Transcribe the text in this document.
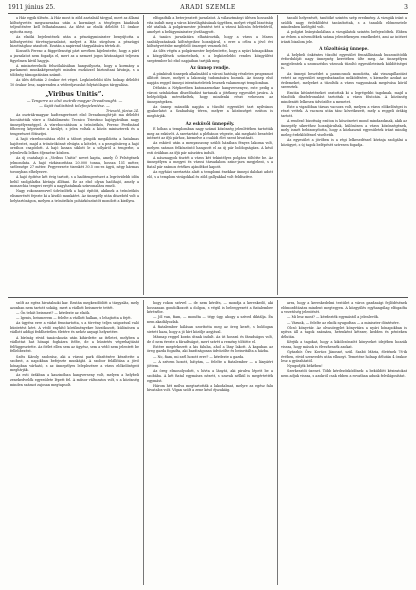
1911 június 25.	ARADI SZEMLE	3

a Ház egyik ülésén. A Ház most is zöld asztalnál tárgyal, mert az állami költségvetés megszavazása után a kormányt a tényleges kiadások teljesítésére kell felhatalmazni. Az ülést az elnök délelőtt 11 órakor nyitotta meg.

Az elnöki bejelentések után a pénzügyminiszter benyújtotta a költségvetési törvényjavaslatot, melyet a Ház sürgősen a pénzügyi bizottsághoz utasított. Ezután a napirend tárgyalására tértek át.

Kossuth Ferenc a függetlenségi párt nevében kijelentette, hogy a párt a javaslatot nem fogadja el, mert az a nemzet jogos kívánságait teljesen figyelmen kívül hagyja.

A miniszterelnök felszólalásában hangsúlyozta, hogy a kormány a parlament munkaképességét minden eszközzel biztosítani kívánja, s a többség támogatására számít.

Az ülés délután 2 órakor ért véget. Legközelebbi ülés holnap délelőtt 10 órakor lesz, napirenden a véderőjavaslat folytatólagos tárgyalása.

„Viribus Unitis”.
— Tengerre az első osztrák-magyar Dreadnought. —
— Saját tudósítónk telefonjelentése. —
Triesztő, június 24.

Az osztrák-magyar hadtengerészet első Dreadnought-ját ma délelőtt bocsátották vízre a Stabilimento Tecnico Triestino hajógyárában nagy ünnepélyességgel. A vízrebocsátáson a trónörökös, Ferenc Ferdinánd főherceg képviselte a királyt, s jelen voltak a közös miniszterek és a tengerészet főtisztjei.

A hajó vízrebocsátása előtt a tábori püspök megáldotta a hatalmas hajótestet, majd a trónörökösné elvágta a kötelet, s a pezsgősüveg a hajó orrához csapódott. A hajó lassan siklott le a sólyáról a tengerbe, a jelenlevők lelkes éljenzése közben.

Az új csatahajó a „Viribus Unitis” nevet kapta, amely Ő Felségének jelmondata. A hajó vízkiszorítása 20.000 tonna, hossza 151 méter, szélessége 27 méter. Fegyverzete tizenkét 30.5 cm-es ágyú, négy hármas toronyban elhelyezve.

A hajó építése két évig tartott, s a haditengerészet a legrövidebb időn belül szolgálatba kívánja állítani. Ez az első olyan hadihajó, amely a monarchia tengeri erejét a nagyhatalmak színvonalára emeli.

Nagy rokonszenvvel üdvözölték a hajó építőit, akiknek a trónörökös elismerését fejezte ki a kiváló munkáért. Az ünnepély után díszebéd volt a helytartóságon, melyen a trónörökös pohárköszöntőt mondott a királyra.

elfogadták a beterjesztett javaslatot. A választmányi ülésen hosszabb vita indult meg a város közvilágításának ügyében, melyet végül bizottság elé utaltak. A polgármester jelentést tett a városi kölcsön felvételéről, amelyet a belügyminiszter jóváhagyott.

A tanács javaslatára elhatározták, hogy a város a Maros szabályozásának költségeihez hozzájárul, s erre a célra a jövő évi költségvetésbe megfelelő összeget vesznek fel.

Az ülés végén a polgármester bejelentette, hogy a nyári hónapokban a közgyűlések szünetelnek, s a legközelebbi rendes közgyűlést szeptember hó első napjaiban tartják meg.

Az ünnep rendje.

A pünkösdi ünnepek alkalmából a városi hatóság részletes programot állított össze, melyet a lakosság tudomására hozunk. Az ünnep első napján reggel ünnepi istentiszteletek lesznek valamennyi templomban.

Délután a Népkertben katonazenekar hangversenyez, este pedig a városi színházban díszelőadást tartanak a jótékony egyesület javára. A belépődíjak mérsékeltek, hogy mindenki részt vehessen az ünnepségeken.

Az ünnep második napján a tűzoltó egyesület tart nyilvános gyakorlatot a Szabadság téren, melyre a közönséget ezúton is meghívják.

Az esküvői ünnepély.

E hóban a templomban nagy számú közönség jelenlétében tartották meg az esküvőt. A szertartást a plébános végezte, aki megható beszédet intézett az ifjú párhoz, kiemelve a családi élet szent hivatását.

Az esküvő után a menyasszony szülői házában fényes lakoma volt, melyen számos felköszöntő hangzott el az új pár boldogságára. A késő esti órákban az ifjú pár nászútra indult.

A násznagyok tisztét a város két tekintélyes polgára töltötte be. Az ünnepélyen a megyei és városi társadalom színe-java megjelent, s a fiatal pár számos értékes ajándékot kapott.

Az egyházi szertartás alatt a templomi énekkar ünnepi dalokat adott elő, s a templom virágokkal és zöld gallyakkal volt feldíszítve.

tanuló helyezését, tanítóké szintén szép eredmény. A vizsgák iránt a szülők nagy érdeklődést tanúsítottak, s a tanulók előmenetele mindenben kielégítő volt.

A polgári leányiskolában a vizsgálatok szintén befejeződtek. Ebben az évben a növendékek száma jelentékenyen emelkedett, ami az intézet iránti bizalom jele.

A tűzoltóság ünnepe.

A helybeli önkéntes tűzoltó egyesület fennállásának huszonötödik évfordulóját nagy ünnepség keretében ülte meg. Az ünnepélyen megjelentek a szomszédos városok tűzoltó egyesületeinek küldöttségei is.

Az ünnepi beszédet a parancsnok mondotta, aki visszapillantást vetett az egyesület negyedszázados működésére, s kiemelte azokat az érdemeket, melyeket a tűzoltók a város vagyonának megóvása körül szereztek.

Ezután kitüntetéseket osztottak ki a legrégebbi tagoknak, majd a tűzoltók díszfelvonulást tartottak a város főutcáin. A közönség mindenütt lelkesen üdvözölte a menetet.

Este a vigadóban társas vacsora volt, melyen a város előkelőségei is részt vettek. A vacsora után tánc következett, mely a reggeli órákig tartott.

A rendező bizottság ezúton is köszönetet mond mindazoknak, akik az ünnepély sikeréhez hozzájárultak, különösen a város közönségének, mely ismét bebizonyította, hogy a közhasznú egyesületek iránt mindig meleg érdeklődéssel viseltetik.

Az egyesület a jövőben is a régi lelkesedéssel kívánja szolgálni a közügyet, s új tagok belépését szívesen fogadja.

szólt az egész hivatalnoki kar. Ezután megkezdődött a tárgyalás, mely azonban nem tartott sokáig, mert a vádlott beismerte tettét.

— Ön tehát beismeri? — kérdezte az elnök.

— Igenis, beismerem — felelte a vádlott halkan, s lehajtotta a fejét.

Az ügyész erre a vádat fenntartotta, s a törvény teljes szigorával való büntetést kért. A védő enyhítő körülményekre hivatkozott, különösen a vádlott addigi feddhetetlen életére és nehéz anyagi helyzetére.

A bíróság rövid tanácskozás után kihirdette az ítéletet, melyben a vádlottat hat hónapi fogházra ítélte, de a büntetés végrehajtását felfüggesztette. Az ítélet ellen sem az ügyész, sem a védő nem jelentett be fellebbezést.

Szőts Károly szobrász, aki a városi park díszítésére készítette a szobrot, a napokban befejezte munkáját. A szobor felállítása a jövő hónapban várható, s az ünnepélyes leleplezésre a város előkelőségeit meghívják.

Az esti órákban a kaszinóban hangverseny volt, melyen a helybeli zenekedvelők egyesülete lépett fel. A műsor változatos volt, s a közönség minden számot zajosan megtapsolt.

hogy rokon szívvel — de nem kérdés, — mondja a kereskedő, aki hosszasan gondolkozott a dolgon, s végül is beleegyezett a fiatalember kérésébe.

— Jól van, fiam, — mondta — tégy úgy, ahogy a szíved diktálja. Én nem akadályozlak.

A fiatalember hálásan szorította meg az öreg kezét, s boldogan sietett haza, hogy a jó hírt közölje anyjával.

Másnap reggel korán útnak indult. Az út hosszú és fáradságos volt, de ő nem érezte a fáradtságot, mert szívét a remény töltötte el.

Estére megérkezett a kis faluba, ahol a lány lakott. A kapuban az öreg gazda fogadta, aki barátságosan üdvözölte és beinvitálta a házba.

— No, fiam, mi szél hozott erre? — kérdezte a gazda.

— A szívem hozott, bátyám, — felelte a fiatalember — a lányáért jöttem.

Az öreg elmosolyodott, s hívta a lányát, aki pirulva lépett be a szobába. A két fiatal egymásra nézett, s szavak nélkül is megértették egymást.

Három hét múlva megtartották a lakodalmat, melyre az egész falu hivatalos volt. Vígan szólt a zene késő éjszakáig.

arra, hogy a kereskedelmi testület a város gazdasági fejlődésének előmozdítására mindent megtegyen. A közgyűlés egyhangúlag elfogadta a vezetőség jelentését.

— Mi lesz most? — kérdezték egymástól a jelenlevők.

— Várunk, — felelte az elnök nyugodtan — a miniszter döntésére.

Olcsó könyvtár. Az olvasóegylet könyvtára a nyári hónapokban is nyitva áll a tagok számára, hetenként kétszer, kedden és pénteken délután.

Kérjük a tagokat, hogy a kikölcsönzött könyveket idejében hozzák vissza, hogy mások is élvezhessék azokat.

Gyászhír. Özv. Kovács Jánosné, szül. Szabó Mária, életének 78-ik évében, rövid szenvedés után elhunyt. Temetése holnap délután 4 órakor lesz a gyászháztól.

Nyugodjék békében!

Szerkesztői üzenet. Több kérdezősködőnek: a beküldött kéziratokat nem adjuk vissza, s azokról csak ebben a rovatban adunk felvilágosítást.
